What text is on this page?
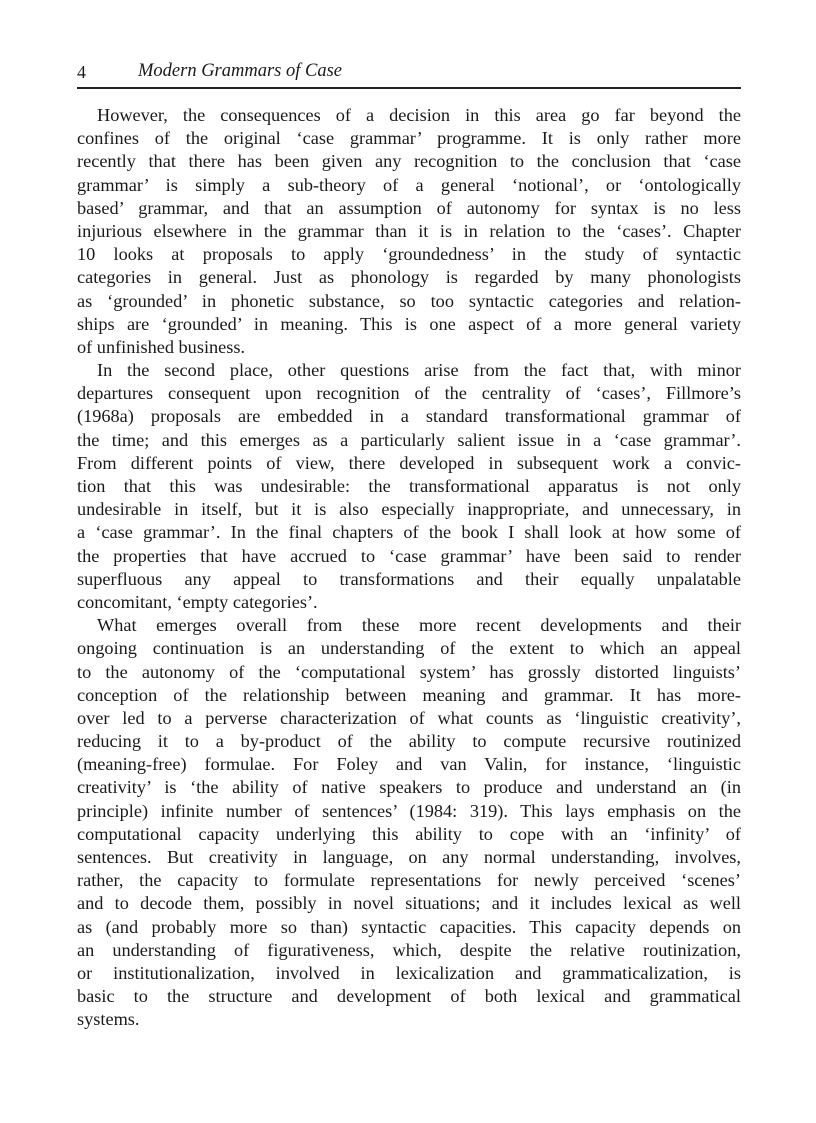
4	Modern Grammars of Case
However, the consequences of a decision in this area go far beyond the
confines of the original ‘case grammar’ programme. It is only rather more
recently that there has been given any recognition to the conclusion that ‘case
grammar’ is simply a sub-theory of a general ‘notional’, or ‘ontologically
based’ grammar, and that an assumption of autonomy for syntax is no less
injurious elsewhere in the grammar than it is in relation to the ‘cases’. Chapter
10 looks at proposals to apply ‘groundedness’ in the study of syntactic
categories in general. Just as phonology is regarded by many phonologists
as ‘grounded’ in phonetic substance, so too syntactic categories and relation-
ships are ‘grounded’ in meaning. This is one aspect of a more general variety
of unfinished business.
In the second place, other questions arise from the fact that, with minor
departures consequent upon recognition of the centrality of ‘cases’, Fillmore’s
(1968a) proposals are embedded in a standard transformational grammar of
the time; and this emerges as a particularly salient issue in a ‘case grammar’.
From different points of view, there developed in subsequent work a convic-
tion that this was undesirable: the transformational apparatus is not only
undesirable in itself, but it is also especially inappropriate, and unnecessary, in
a ‘case grammar’. In the final chapters of the book I shall look at how some of
the properties that have accrued to ‘case grammar’ have been said to render
superfluous any appeal to transformations and their equally unpalatable
concomitant, ‘empty categories’.
What emerges overall from these more recent developments and their
ongoing continuation is an understanding of the extent to which an appeal
to the autonomy of the ‘computational system’ has grossly distorted linguists’
conception of the relationship between meaning and grammar. It has more-
over led to a perverse characterization of what counts as ‘linguistic creativity’,
reducing it to a by-product of the ability to compute recursive routinized
(meaning-free) formulae. For Foley and van Valin, for instance, ‘linguistic
creativity’ is ‘the ability of native speakers to produce and understand an (in
principle) infinite number of sentences’ (1984: 319). This lays emphasis on the
computational capacity underlying this ability to cope with an ‘infinity’ of
sentences. But creativity in language, on any normal understanding, involves,
rather, the capacity to formulate representations for newly perceived ‘scenes’
and to decode them, possibly in novel situations; and it includes lexical as well
as (and probably more so than) syntactic capacities. This capacity depends on
an understanding of figurativeness, which, despite the relative routinization,
or institutionalization, involved in lexicalization and grammaticalization, is
basic to the structure and development of both lexical and grammatical
systems.
